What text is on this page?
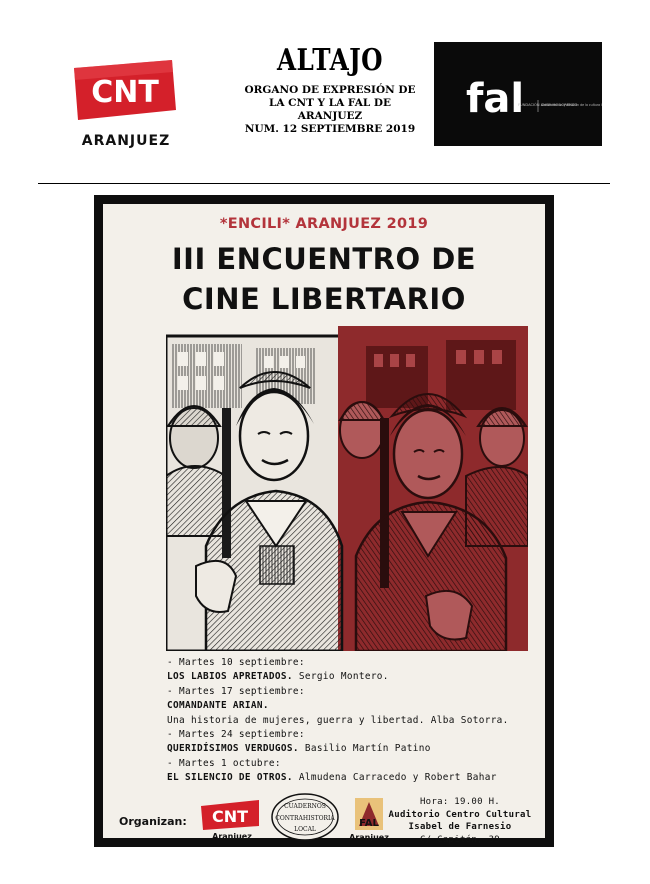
CNT
ARANJUEZ
ALTAJO
ORGANO DE EXPRESIÓN DE
LA CNT Y LA FAL DE
ARANJUEZ
NUM. 12 SEPTIEMBRE 2019
fal
FUNDACIÓN ANSELMO LORENZO
Conservación y difusión de la cultura
*ENCILI* ARANJUEZ 2019
III ENCUENTRO DE
CINE LIBERTARIO
- Martes 10 septiembre:
LOS LABIOS APRETADOS. Sergio Montero.
- Martes 17 septiembre:
COMANDANTE ARIAN.
Una historia de mujeres, guerra y libertad. Alba Sotorra.
- Martes 24 septiembre:
QUERIDÍSIMOS VERDUGOS. Basilio Martín Patino
- Martes 1 octubre:
EL SILENCIO DE OTROS. Almudena Carracedo y Robert Bahar
Organizan: CNT
Aranjuez
CUADERNOS
CONTRAHISTORIA
LOCAL
FAL
Aranjuez
Hora: 19.00 H.
Auditorio Centro Cultural
Isabel de Farnesio
C/ Capitán, 39
